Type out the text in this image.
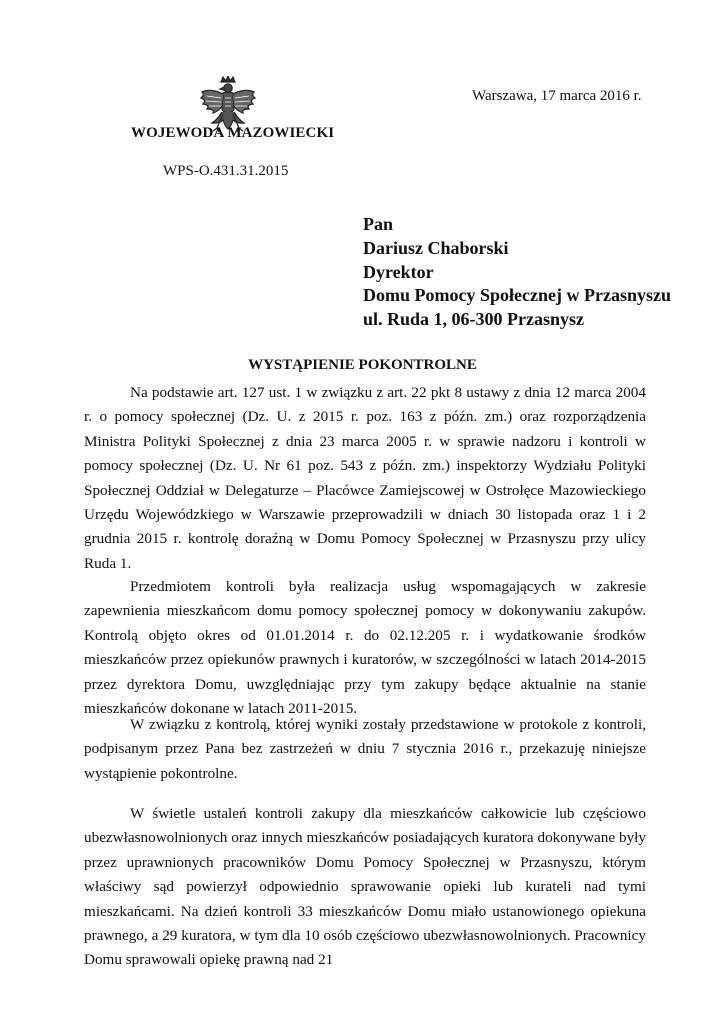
WOJEWODA MAZOWIECKI
WPS-O.431.31.2015
Warszawa, 17 marca 2016 r.
Pan
Dariusz Chaborski
Dyrektor
Domu Pomocy Społecznej w Przasnyszu
ul. Ruda 1, 06-300 Przasnysz
WYSTĄPIENIE POKONTROLNE

Na podstawie art. 127 ust. 1 w związku z art. 22 pkt 8 ustawy z dnia 12 marca 2004 r. o pomocy społecznej (Dz. U. z 2015 r. poz. 163 z późn. zm.) oraz rozporządzenia Ministra Polityki Społecznej z dnia 23 marca 2005 r. w sprawie nadzoru i kontroli w pomocy społecznej (Dz. U. Nr 61 poz. 543 z późn. zm.) inspektorzy Wydziału Polityki Społecznej Oddział w Delegaturze – Placówce Zamiejscowej w Ostrołęce Mazowieckiego Urzędu Wojewódzkiego w Warszawie przeprowadzili w dniach 30 listopada oraz 1 i 2 grudnia 2015 r. kontrolę doraźną w Domu Pomocy Społecznej w Przasnyszu przy ulicy Ruda 1.

Przedmiotem kontroli była realizacja usług wspomagających w zakresie zapewnienia mieszkańcom domu pomocy społecznej pomocy w dokonywaniu zakupów. Kontrolą objęto okres od 01.01.2014 r. do 02.12.205 r. i wydatkowanie środków mieszkańców przez opiekunów prawnych i kuratorów, w szczególności w latach 2014-2015 przez dyrektora Domu, uwzględniając przy tym zakupy będące aktualnie na stanie mieszkańców dokonane w latach 2011-2015.

W związku z kontrolą, której wyniki zostały przedstawione w protokole z kontroli, podpisanym przez Pana bez zastrzeżeń w dniu 7 stycznia 2016 r., przekazuję niniejsze wystąpienie pokontrolne.

W świetle ustaleń kontroli zakupy dla mieszkańców całkowicie lub częściowo ubezwłasnowolnionych oraz innych mieszkańców posiadających kuratora dokonywane były przez uprawnionych pracowników Domu Pomocy Społecznej w Przasnyszu, którym właściwy sąd powierzył odpowiednio sprawowanie opieki lub kurateli nad tymi mieszkańcami. Na dzień kontroli 33 mieszkańców Domu miało ustanowionego opiekuna prawnego, a 29 kuratora, w tym dla 10 osób częściowo ubezwłasnowolnionych. Pracownicy Domu sprawowali opiekę prawną nad 21
